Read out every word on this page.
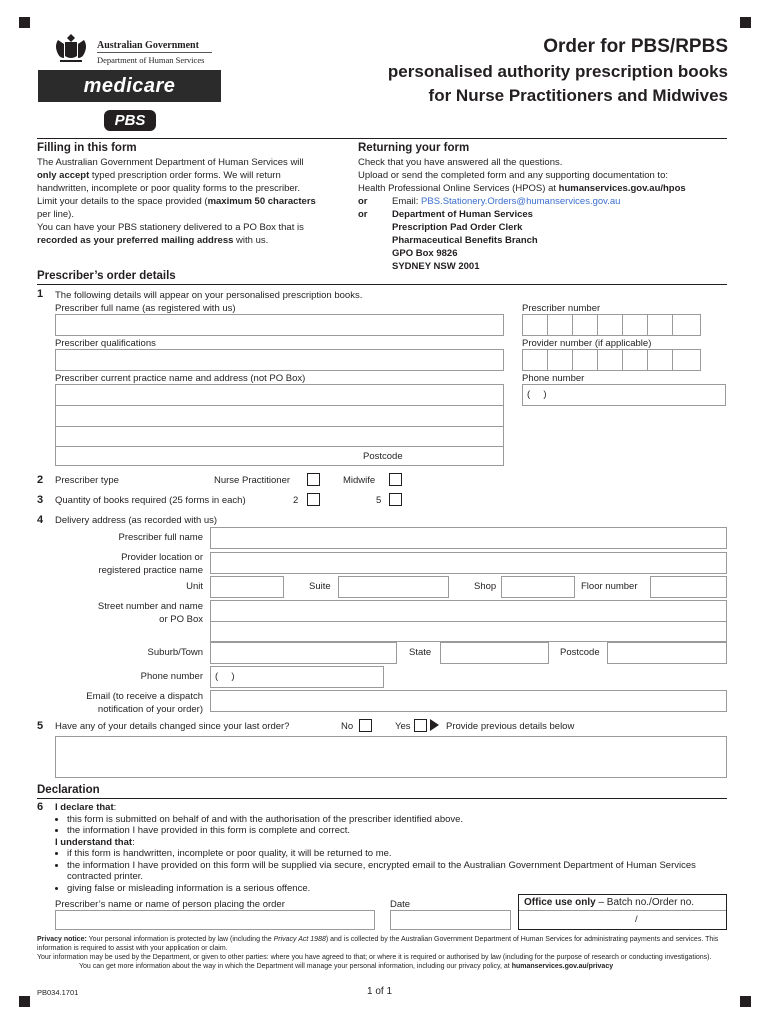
Australian Government
Department of Human Services
medicare
PBS
Order for PBS/RPBS
personalised authority prescription books
for Nurse Practitioners and Midwives
Filling in this form
The Australian Government Department of Human Services will
only accept typed prescription order forms. We will return
handwritten, incomplete or poor quality forms to the prescriber.
Limit your details to the space provided (maximum 50 characters
per line).
You can have your PBS stationery delivered to a PO Box that is
recorded as your preferred mailing address with us.
Returning your form
Check that you have answered all the questions.
Upload or send the completed form and any supporting documentation to:
Health Professional Online Services (HPOS) at humanservices.gov.au/hpos
or	Email: PBS.Stationery.Orders@humanservices.gov.au
or	Department of Human Services
Prescription Pad Order Clerk
Pharmaceutical Benefits Branch
GPO Box 9826
SYDNEY NSW 2001
Prescriber’s order details
1 The following details will appear on your personalised prescription books.
Prescriber full name (as registered with us)	Prescriber number
Prescriber qualifications	Provider number (if applicable)
Prescriber current practice name and address (not PO Box)
Postcode
Phone number
(     )
2 Prescriber type	Nurse Practitioner	Midwife
3 Quantity of books required (25 forms in each)	2	5
4 Delivery address (as recorded with us)
Prescriber full name
Provider location or
registered practice name
Unit	Suite	Shop	Floor number
Street number and name
or PO Box
Suburb/Town	State	Postcode
Phone number (     )
Email (to receive a dispatch
notification of your order)
5 Have any of your details changed since your last order?	No	Yes	Provide previous details below
Declaration
6 I declare that:
• this form is submitted on behalf of and with the authorisation of the prescriber identified above.
• the information I have provided in this form is complete and correct.
I understand that:
• if this form is handwritten, incomplete or poor quality, it will be returned to me.
• the information I have provided on this form will be supplied via secure, encrypted email to the Australian Government Department of Human Services contracted printer.
• giving false or misleading information is a serious offence.
Prescriber’s name or name of person placing the order	Date	Office use only – Batch no./Order no.
/
Privacy notice: Your personal information is protected by law (including the Privacy Act 1988) and is collected by the Australian Government Department of Human Services for administrating payments and services. This information is required to assist with your application or claim.
Your information may be used by the Department, or given to other parties: where you have agreed to that; or where it is required or authorised by law (including for the purpose of research or conducting investigations).
You can get more information about the way in which the Department will manage your personal information, including our privacy policy, at humanservices.gov.au/privacy
PB034.1701	1 of 1
